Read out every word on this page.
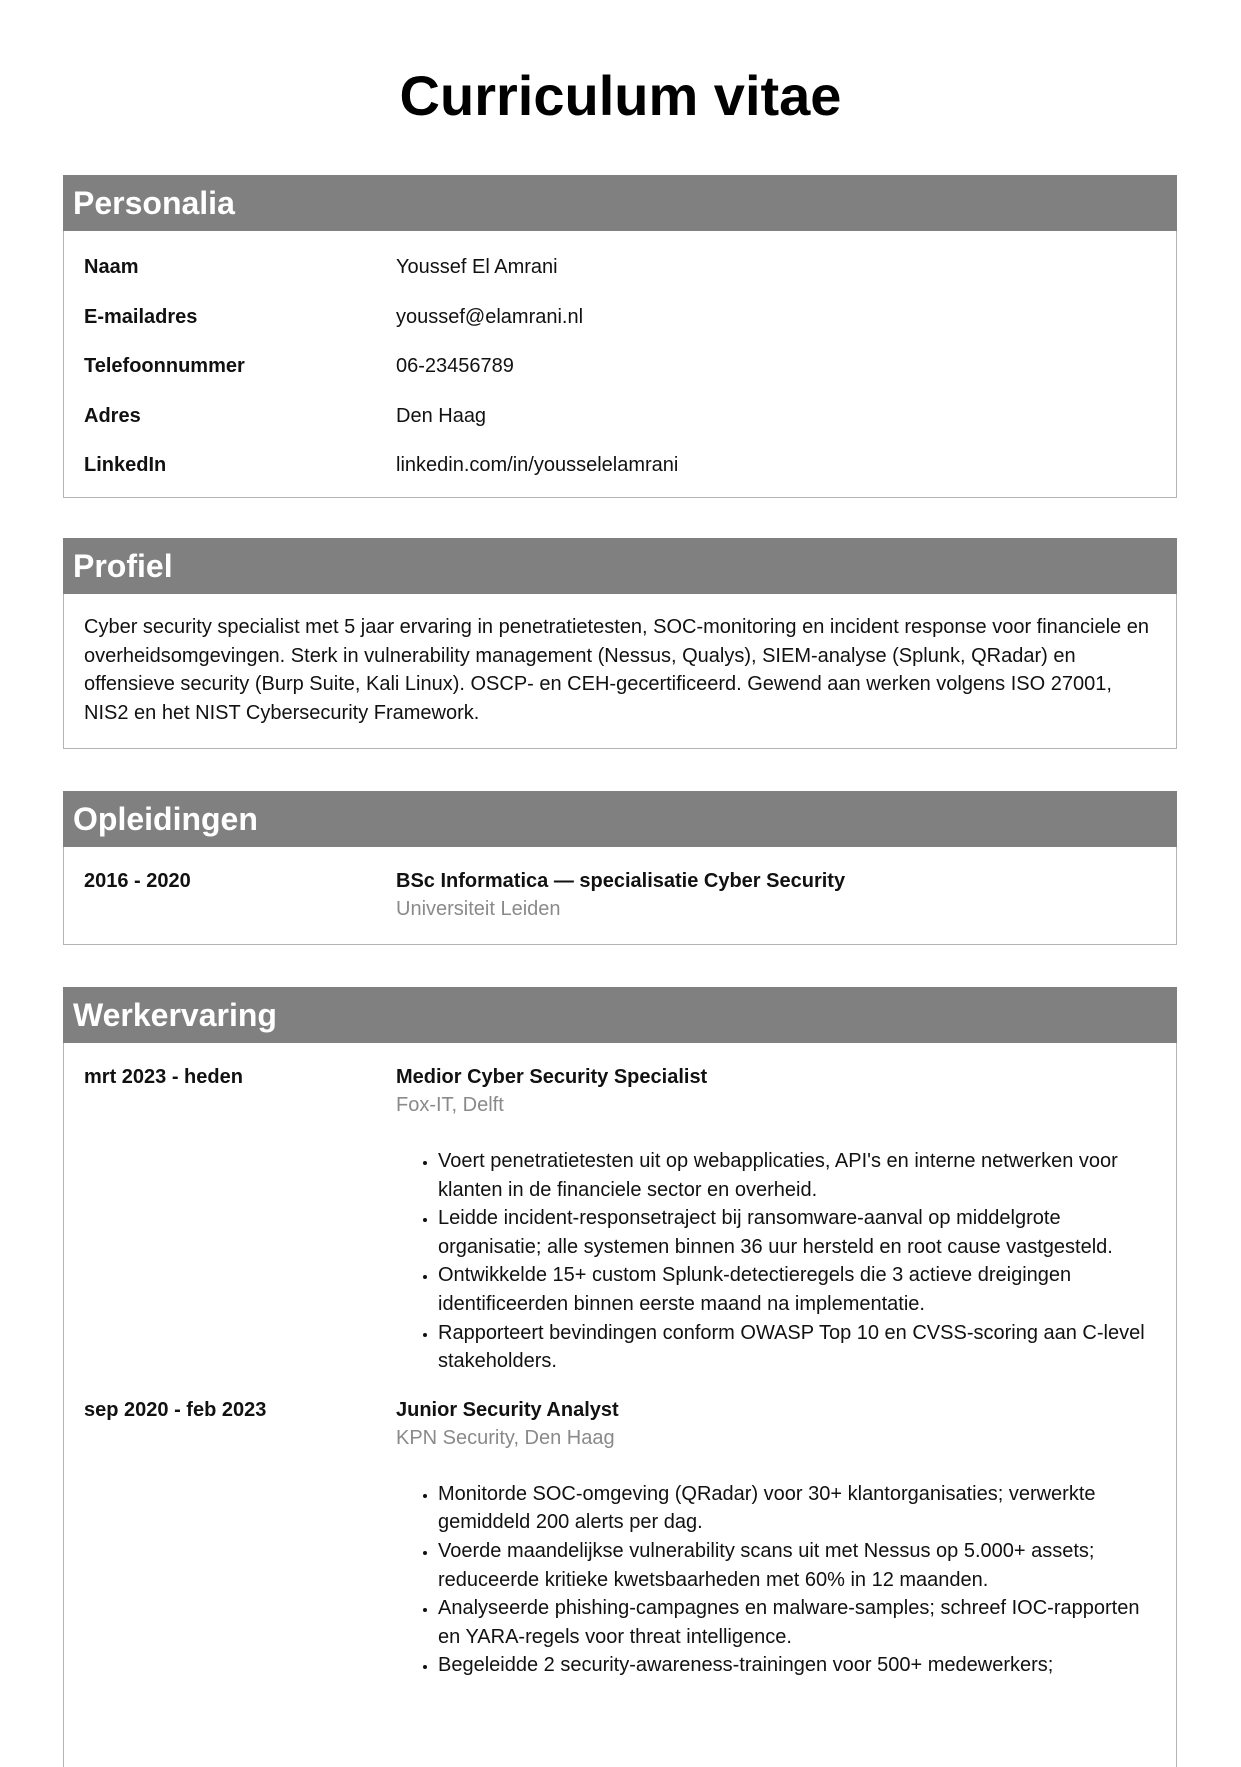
Curriculum vitae
Personalia
Naam	Youssef El Amrani
E-mailadres	youssef@elamrani.nl
Telefoonnummer	06-23456789
Adres	Den Haag
LinkedIn	linkedin.com/in/yousselelamrani
Profiel
Cyber security specialist met 5 jaar ervaring in penetratietesten, SOC-monitoring en incident response voor financiele en overheidsomgevingen. Sterk in vulnerability management (Nessus, Qualys), SIEM-analyse (Splunk, QRadar) en offensieve security (Burp Suite, Kali Linux). OSCP- en CEH-gecertificeerd. Gewend aan werken volgens ISO 27001, NIS2 en het NIST Cybersecurity Framework.
Opleidingen
2016 - 2020	BSc Informatica — specialisatie Cyber Security
Universiteit Leiden
Werkervaring
mrt 2023 - heden	Medior Cyber Security Specialist
Fox-IT, Delft
• Voert penetratietesten uit op webapplicaties, API's en interne netwerken voor klanten in de financiele sector en overheid.
• Leidde incident-responsetraject bij ransomware-aanval op middelgrote organisatie; alle systemen binnen 36 uur hersteld en root cause vastgesteld.
• Ontwikkelde 15+ custom Splunk-detectieregels die 3 actieve dreigingen identificeerden binnen eerste maand na implementatie.
• Rapporteert bevindingen conform OWASP Top 10 en CVSS-scoring aan C-level stakeholders.
sep 2020 - feb 2023	Junior Security Analyst
KPN Security, Den Haag
• Monitorde SOC-omgeving (QRadar) voor 30+ klantorganisaties; verwerkte gemiddeld 200 alerts per dag.
• Voerde maandelijkse vulnerability scans uit met Nessus op 5.000+ assets; reduceerde kritieke kwetsbaarheden met 60% in 12 maanden.
• Analyseerde phishing-campagnes en malware-samples; schreef IOC-rapporten en YARA-regels voor threat intelligence.
• Begeleidde 2 security-awareness-trainingen voor 500+ medewerkers;
